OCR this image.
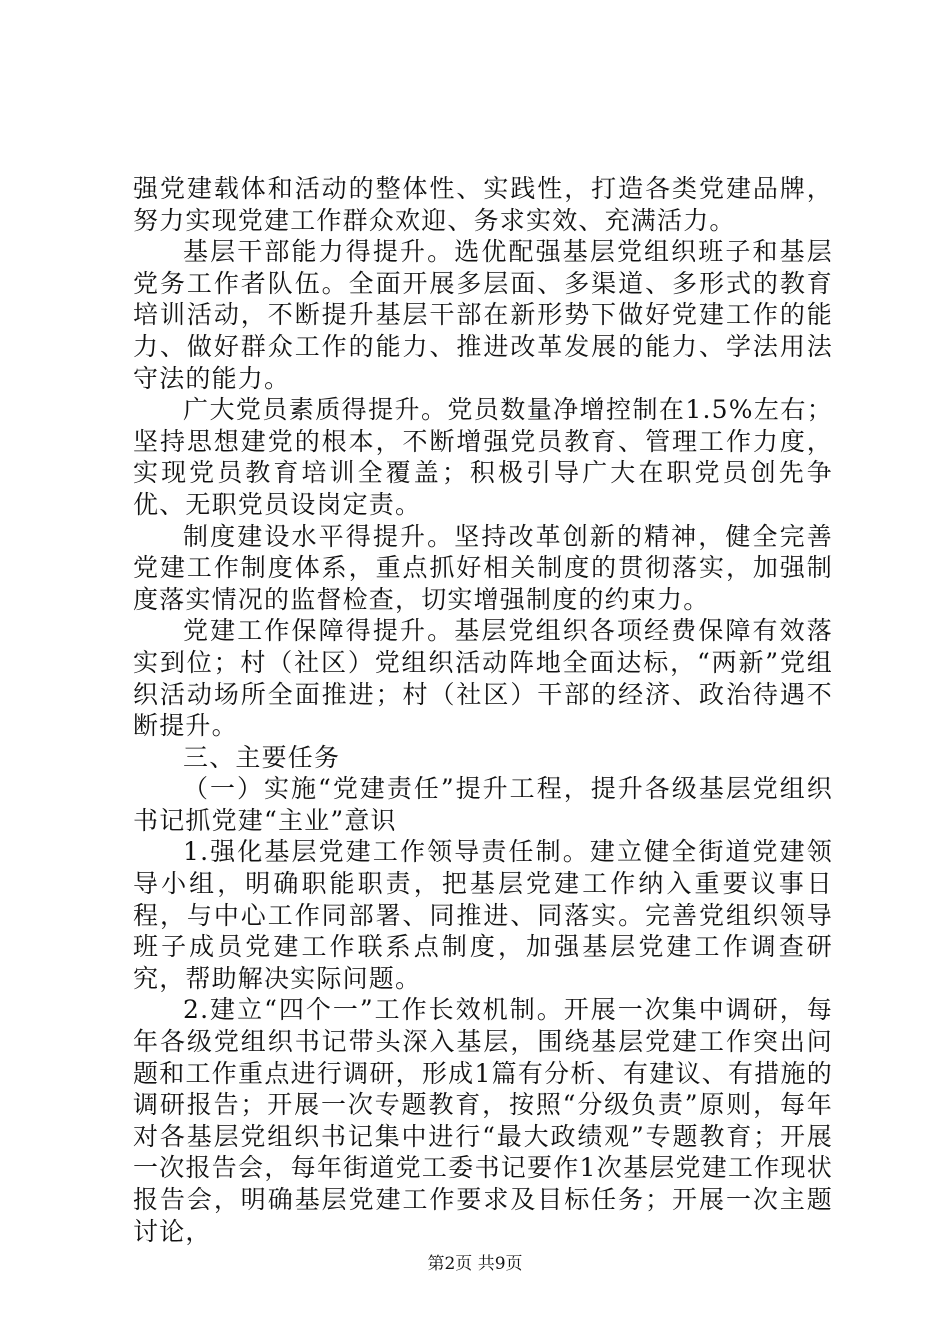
强党建载体和活动的整体性、实践性，打造各类党建品牌，努力实现党建工作群众欢迎、务求实效、充满活力。

基层干部能力得提升。选优配强基层党组织班子和基层党务工作者队伍。全面开展多层面、多渠道、多形式的教育培训活动，不断提升基层干部在新形势下做好党建工作的能力、做好群众工作的能力、推进改革发展的能力、学法用法守法的能力。

广大党员素质得提升。党员数量净增控制在1.5%左右；坚持思想建党的根本，不断增强党员教育、管理工作力度，实现党员教育培训全覆盖；积极引导广大在职党员创先争优、无职党员设岗定责。

制度建设水平得提升。坚持改革创新的精神，健全完善党建工作制度体系，重点抓好相关制度的贯彻落实，加强制度落实情况的监督检查，切实增强制度的约束力。

党建工作保障得提升。基层党组织各项经费保障有效落实到位；村（社区）党组织活动阵地全面达标，“两新”党组织活动场所全面推进；村（社区）干部的经济、政治待遇不断提升。

三、主要任务

（一）实施“党建责任”提升工程，提升各级基层党组织书记抓党建“主业”意识

1.强化基层党建工作领导责任制。建立健全街道党建领导小组，明确职能职责，把基层党建工作纳入重要议事日程，与中心工作同部署、同推进、同落实。完善党组织领导班子成员党建工作联系点制度，加强基层党建工作调查研究，帮助解决实际问题。

2.建立“四个一”工作长效机制。开展一次集中调研，每年各级党组织书记带头深入基层，围绕基层党建工作突出问题和工作重点进行调研，形成1篇有分析、有建议、有措施的调研报告；开展一次专题教育，按照“分级负责”原则，每年对各基层党组织书记集中进行“最大政绩观”专题教育；开展一次报告会，每年街道党工委书记要作1次基层党建工作现状报告会，明确基层党建工作要求及目标任务；开展一次主题讨论，

第2页 共9页
